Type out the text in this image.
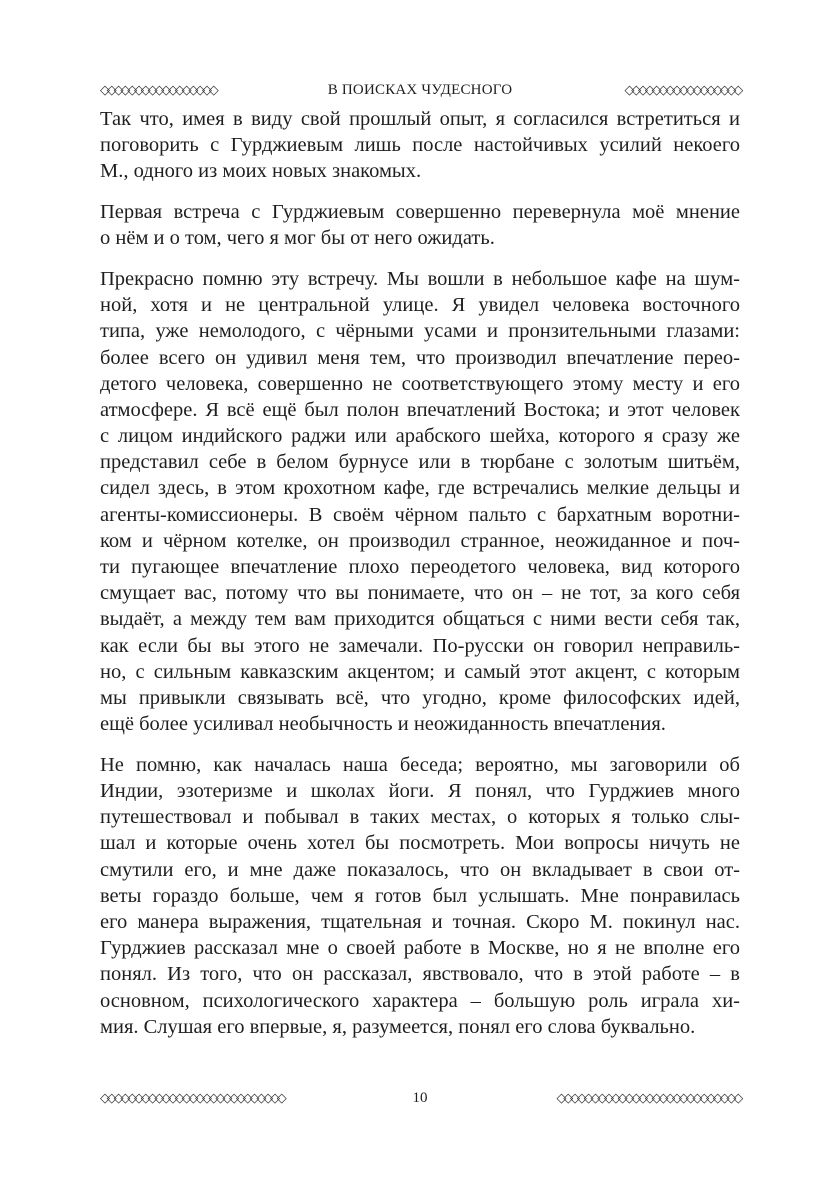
◇◇◇◇◇◇◇◇◇◇◇◇◇◇◇◇◇	В ПОИСКАХ ЧУДЕСНОГО	◇◇◇◇◇◇◇◇◇◇◇◇◇◇◇◇◇
Так что, имея в виду свой прошлый опыт, я согласился встретиться и
поговорить с Гурджиевым лишь после настойчивых усилий некоего
М., одного из моих новых знакомых.
Первая встреча с Гурджиевым совершенно перевернула моё мнение
о нём и о том, чего я мог бы от него ожидать.
Прекрасно помню эту встречу. Мы вошли в небольшое кафе на шум-
ной, хотя и не центральной улице. Я увидел человека восточного
типа, уже немолодого, с чёрными усами и пронзительными глазами:
более всего он удивил меня тем, что производил впечатление перео-
детого человека, совершенно не соответствующего этому месту и его
атмосфере. Я всё ещё был полон впечатлений Востока; и этот человек
с лицом индийского раджи или арабского шейха, которого я сразу же
представил себе в белом бурнусе или в тюрбане с золотым шитьём,
сидел здесь, в этом крохотном кафе, где встречались мелкие дельцы и
агенты-комиссионеры. В своём чёрном пальто с бархатным воротни-
ком и чёрном котелке, он производил странное, неожиданное и поч-
ти пугающее впечатление плохо переодетого человека, вид которого
смущает вас, потому что вы понимаете, что он – не тот, за кого себя
выдаёт, а между тем вам приходится общаться с ними вести себя так,
как если бы вы этого не замечали. По-русски он говорил неправиль-
но, с сильным кавказским акцентом; и самый этот акцент, с которым
мы привыкли связывать всё, что угодно, кроме философских идей,
ещё более усиливал необычность и неожиданность впечатления.
Не помню, как началась наша беседа; вероятно, мы заговорили об
Индии, эзотеризме и школах йоги. Я понял, что Гурджиев много
путешествовал и побывал в таких местах, о которых я только слы-
шал и которые очень хотел бы посмотреть. Мои вопросы ничуть не
смутили его, и мне даже показалось, что он вкладывает в свои от-
веты гораздо больше, чем я готов был услышать. Мне понравилась
его манера выражения, тщательная и точная. Скоро М. покинул нас.
Гурджиев рассказал мне о своей работе в Москве, но я не вполне его
понял. Из того, что он рассказал, явствовало, что в этой работе – в
основном, психологического характера – большую роль играла хи-
мия. Слушая его впервые, я, разумеется, понял его слова буквально.
◇◇◇◇◇◇◇◇◇◇◇◇◇◇◇◇◇◇◇◇◇◇◇◇◇◇◇	10	◇◇◇◇◇◇◇◇◇◇◇◇◇◇◇◇◇◇◇◇◇◇◇◇◇◇◇
